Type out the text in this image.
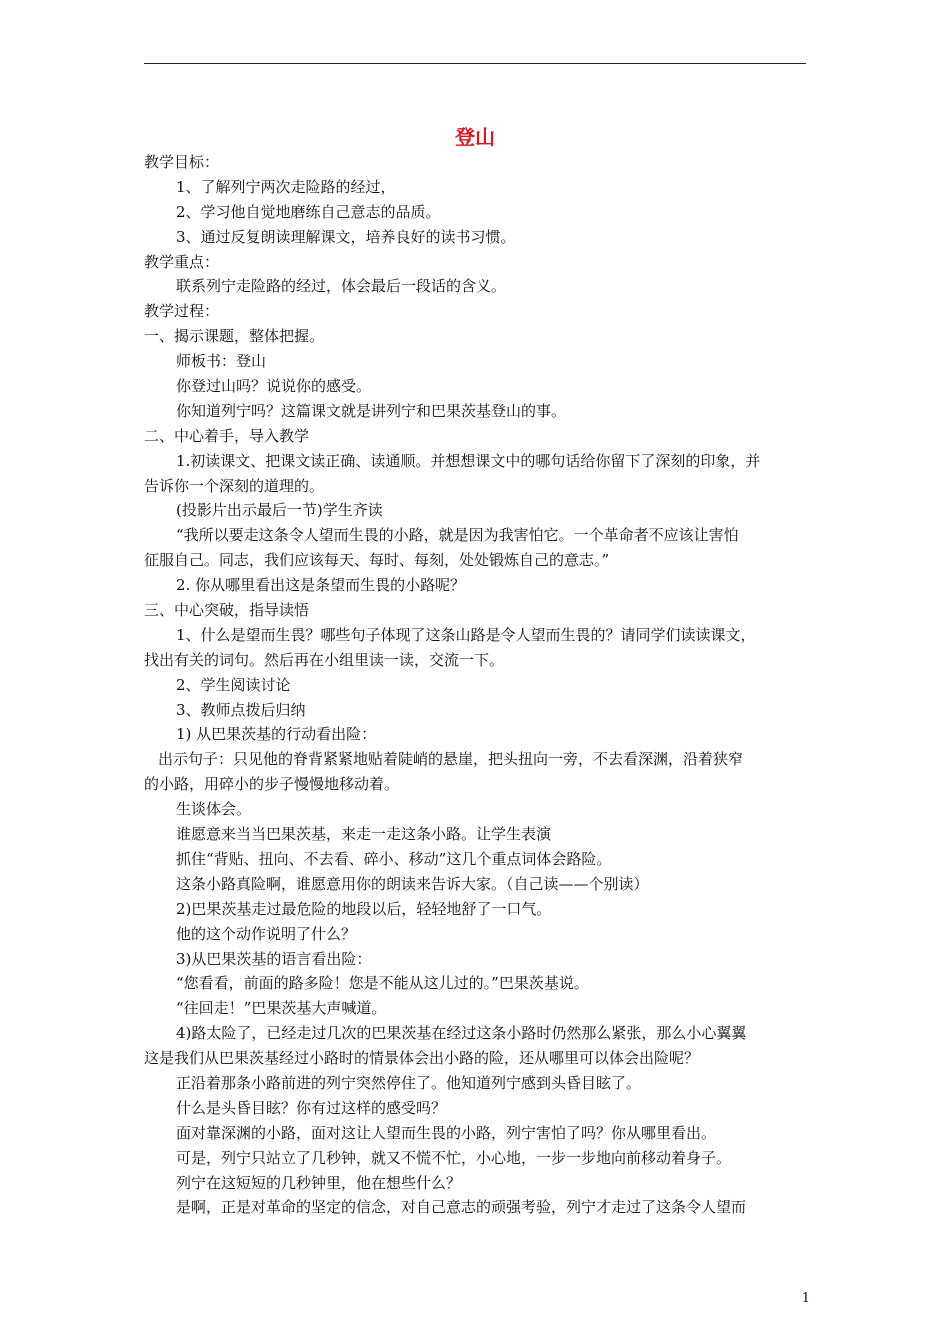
登山
教学目标：
1、了解列宁两次走险路的经过，
2、学习他自觉地磨练自己意志的品质。
3、通过反复朗读理解课文，培养良好的读书习惯。
教学重点：
联系列宁走险路的经过，体会最后一段话的含义。
教学过程：
一、揭示课题，整体把握。
师板书：登山
你登过山吗？说说你的感受。
你知道列宁吗？这篇课文就是讲列宁和巴果茨基登山的事。
二、中心着手，导入教学
1.初读课文、把课文读正确、读通顺。并想想课文中的哪句话给你留下了深刻的印象，并
告诉你一个深刻的道理的。
(投影片出示最后一节)学生齐读
“我所以要走这条令人望而生畏的小路，就是因为我害怕它。一个革命者不应该让害怕
征服自己。同志，我们应该每天、每时、每刻，处处锻炼自己的意志。”
2. 你从哪里看出这是条望而生畏的小路呢？
三、中心突破，指导读悟
1、什么是望而生畏？哪些句子体现了这条山路是令人望而生畏的？请同学们读读课文，
找出有关的词句。然后再在小组里读一读，交流一下。
2、学生阅读讨论
3、教师点拨后归纳
1) 从巴果茨基的行动看出险：
出示句子：只见他的脊背紧紧地贴着陡峭的悬崖，把头扭向一旁，不去看深渊，沿着狭窄
的小路，用碎小的步子慢慢地移动着。
生谈体会。
谁愿意来当当巴果茨基，来走一走这条小路。让学生表演
抓住“背贴、扭向、不去看、碎小、移动”这几个重点词体会路险。
这条小路真险啊，谁愿意用你的朗读来告诉大家。（自己读——个别读）
2)巴果茨基走过最危险的地段以后，轻轻地舒了一口气。
他的这个动作说明了什么？
3)从巴果茨基的语言看出险：
“您看看，前面的路多险！您是不能从这儿过的。”巴果茨基说。
“往回走！”巴果茨基大声喊道。
4)路太险了，已经走过几次的巴果茨基在经过这条小路时仍然那么紧张，那么小心翼翼
这是我们从巴果茨基经过小路时的情景体会出小路的险，还从哪里可以体会出险呢？
正沿着那条小路前进的列宁突然停住了。他知道列宁感到头昏目眩了。
什么是头昏目眩？你有过这样的感受吗？
面对靠深渊的小路，面对这让人望而生畏的小路，列宁害怕了吗？你从哪里看出。
可是，列宁只站立了几秒钟，就又不慌不忙，小心地，一步一步地向前移动着身子。
列宁在这短短的几秒钟里，他在想些什么？
是啊，正是对革命的坚定的信念，对自己意志的顽强考验，列宁才走过了这条令人望而
1
